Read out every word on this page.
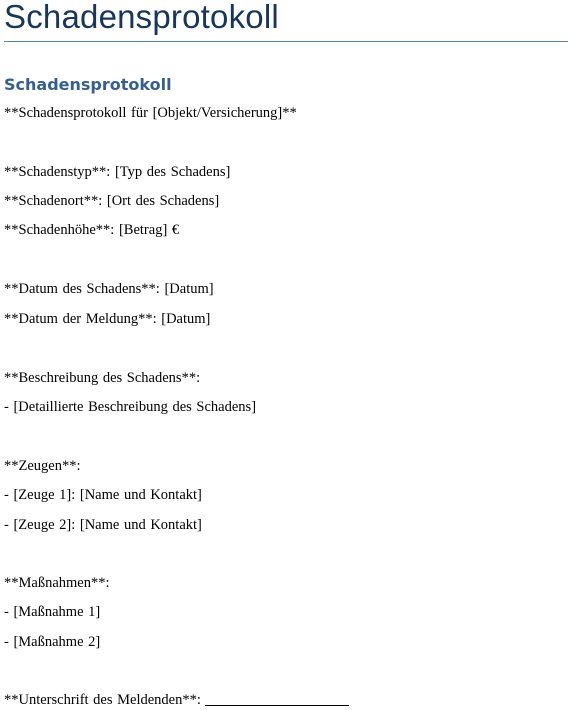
Schadensprotokoll
Schadensprotokoll
**Schadensprotokoll für [Objekt/Versicherung]**
**Schadenstyp**: [Typ des Schadens]
**Schadenort**: [Ort des Schadens]
**Schadenhöhe**: [Betrag] €
**Datum des Schadens**: [Datum]
**Datum der Meldung**: [Datum]
**Beschreibung des Schadens**:
- [Detaillierte Beschreibung des Schadens]
**Zeugen**:
- [Zeuge 1]: [Name und Kontakt]
- [Zeuge 2]: [Name und Kontakt]
**Maßnahmen**:
- [Maßnahme 1]
- [Maßnahme 2]
**Unterschrift des Meldenden**:
